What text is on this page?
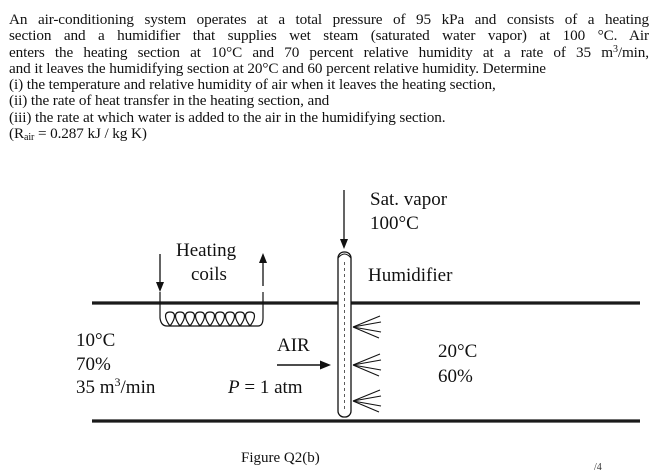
An air-conditioning system operates at a total pressure of 95 kPa and consists of a heating

section and a humidifier that supplies wet steam (saturated water vapor) at 100 °C. Air

enters the heating section at 10°C and 70 percent relative humidity at a rate of 35 $m^3/\min$,

and it leaves the humidifying section at 20°C and 60 percent relative humidity. Determine

(i) the temperature and relative humidity of air when it leaves the heating section,

(ii) the rate of heat transfer in the heating section, and

(iii) the rate at which water is added to the air in the humidifying section.

($R_{air} = 0.287$ kJ / kg K)

Sat. vapor
100°C
Heating
coils	Humidifier
10°C
70%
35 $m^3/\min$
AIR
P = 1 atm
20°C
60%
Figure Q2(b)
/4
